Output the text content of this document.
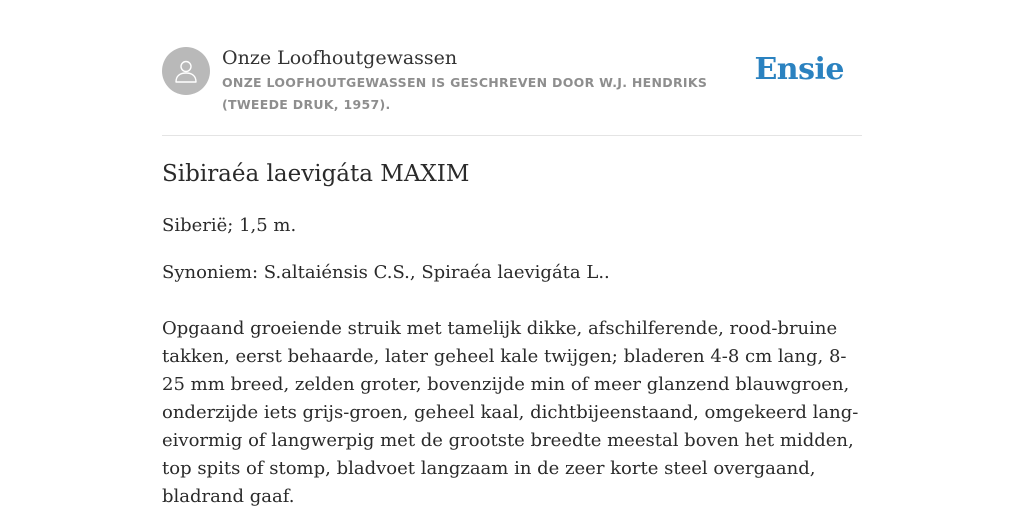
Onze Loofhoutgewassen
ONZE LOOFHOUTGEWASSEN IS GESCHREVEN DOOR W.J. HENDRIKS (TWEEDE DRUK, 1957).
Ensie
Sibiraéa laevigáta MAXIM

Siberië; 1,5 m.

Synoniem: S.altaiénsis C.S., Spiraéa laevigáta L..

Opgaand groeiende struik met tamelijk dikke, afschilferende, rood-bruine takken, eerst behaarde, later geheel kale twijgen; bladeren 4-8 cm lang, 8-25 mm breed, zelden groter, bovenzijde min of meer glanzend blauwgroen, onderzijde iets grijs-groen, geheel kaal, dichtbijeenstaand, omgekeerd lang-eivormig of langwerpig met de grootste breedte meestal boven het midden, top spits of stomp, bladvoet langzaam in de zeer korte steel overgaand, bladrand gaaf.
